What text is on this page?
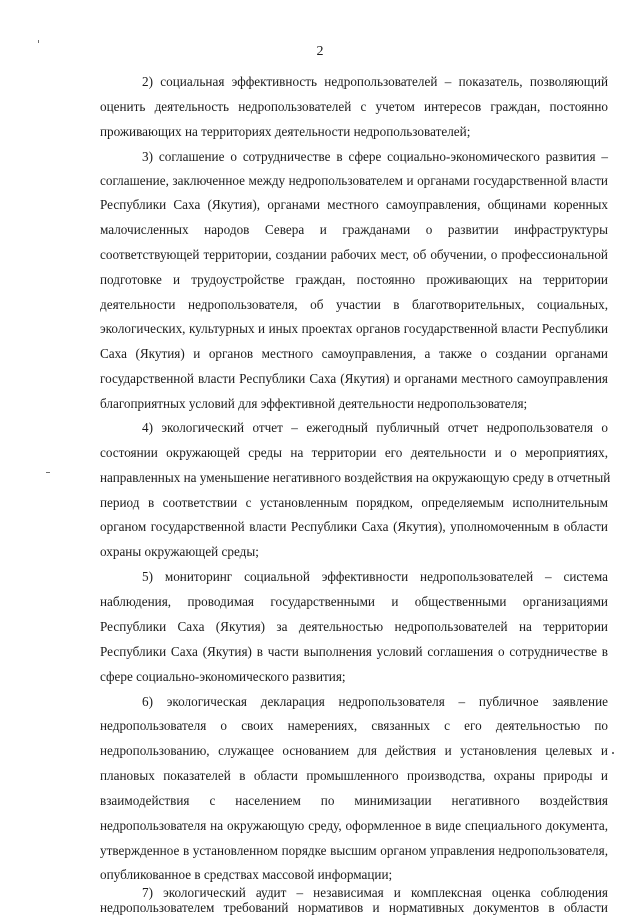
2
2) социальная эффективность недропользователей – показатель, позволяющий
оценить деятельность недропользователей с учетом интересов граждан, постоянно
проживающих на территориях деятельности недропользователей;
3) соглашение о сотрудничестве в сфере социально-экономического развития –
соглашение, заключенное между недропользователем и органами государственной власти
Республики Саха (Якутия), органами местного самоуправления, общинами коренных
малочисленных народов Севера и гражданами о развитии инфраструктуры
соответствующей территории, создании рабочих мест, об обучении, о профессиональной
подготовке и трудоустройстве граждан, постоянно проживающих на территории
деятельности недропользователя, об участии в благотворительных, социальных,
экологических, культурных и иных проектах органов государственной власти Республики
Саха (Якутия) и органов местного самоуправления, а также о создании органами
государственной власти Республики Саха (Якутия) и органами местного самоуправления
благоприятных условий для эффективной деятельности недропользователя;
4) экологический отчет – ежегодный публичный отчет недропользователя о
состоянии окружающей среды на территории его деятельности и о мероприятиях,
направленных на уменьшение негативного воздействия на окружающую среду в отчетный
период в соответствии с установленным порядком, определяемым исполнительным
органом государственной власти Республики Саха (Якутия), уполномоченным в области
охраны окружающей среды;
5) мониторинг социальной эффективности недропользователей – система
наблюдения, проводимая государственными и общественными организациями
Республики Саха (Якутия) за деятельностью недропользователей на территории
Республики Саха (Якутия) в части выполнения условий соглашения о сотрудничестве в
сфере социально-экономического развития;
6) экологическая декларация недропользователя – публичное заявление
недропользователя о своих намерениях, связанных с его деятельностью по
недропользованию, служащее основанием для действия и установления целевых и
плановых показателей в области промышленного производства, охраны природы и
взаимодействия с населением по минимизации негативного воздействия
недропользователя на окружающую среду, оформленное в виде специального документа,
утвержденное в установленном порядке высшим органом управления недропользователя,
опубликованное в средствах массовой информации;
7) экологический аудит – независимая и комплексная оценка соблюдения
недропользователем требований нормативов и нормативных документов в области
